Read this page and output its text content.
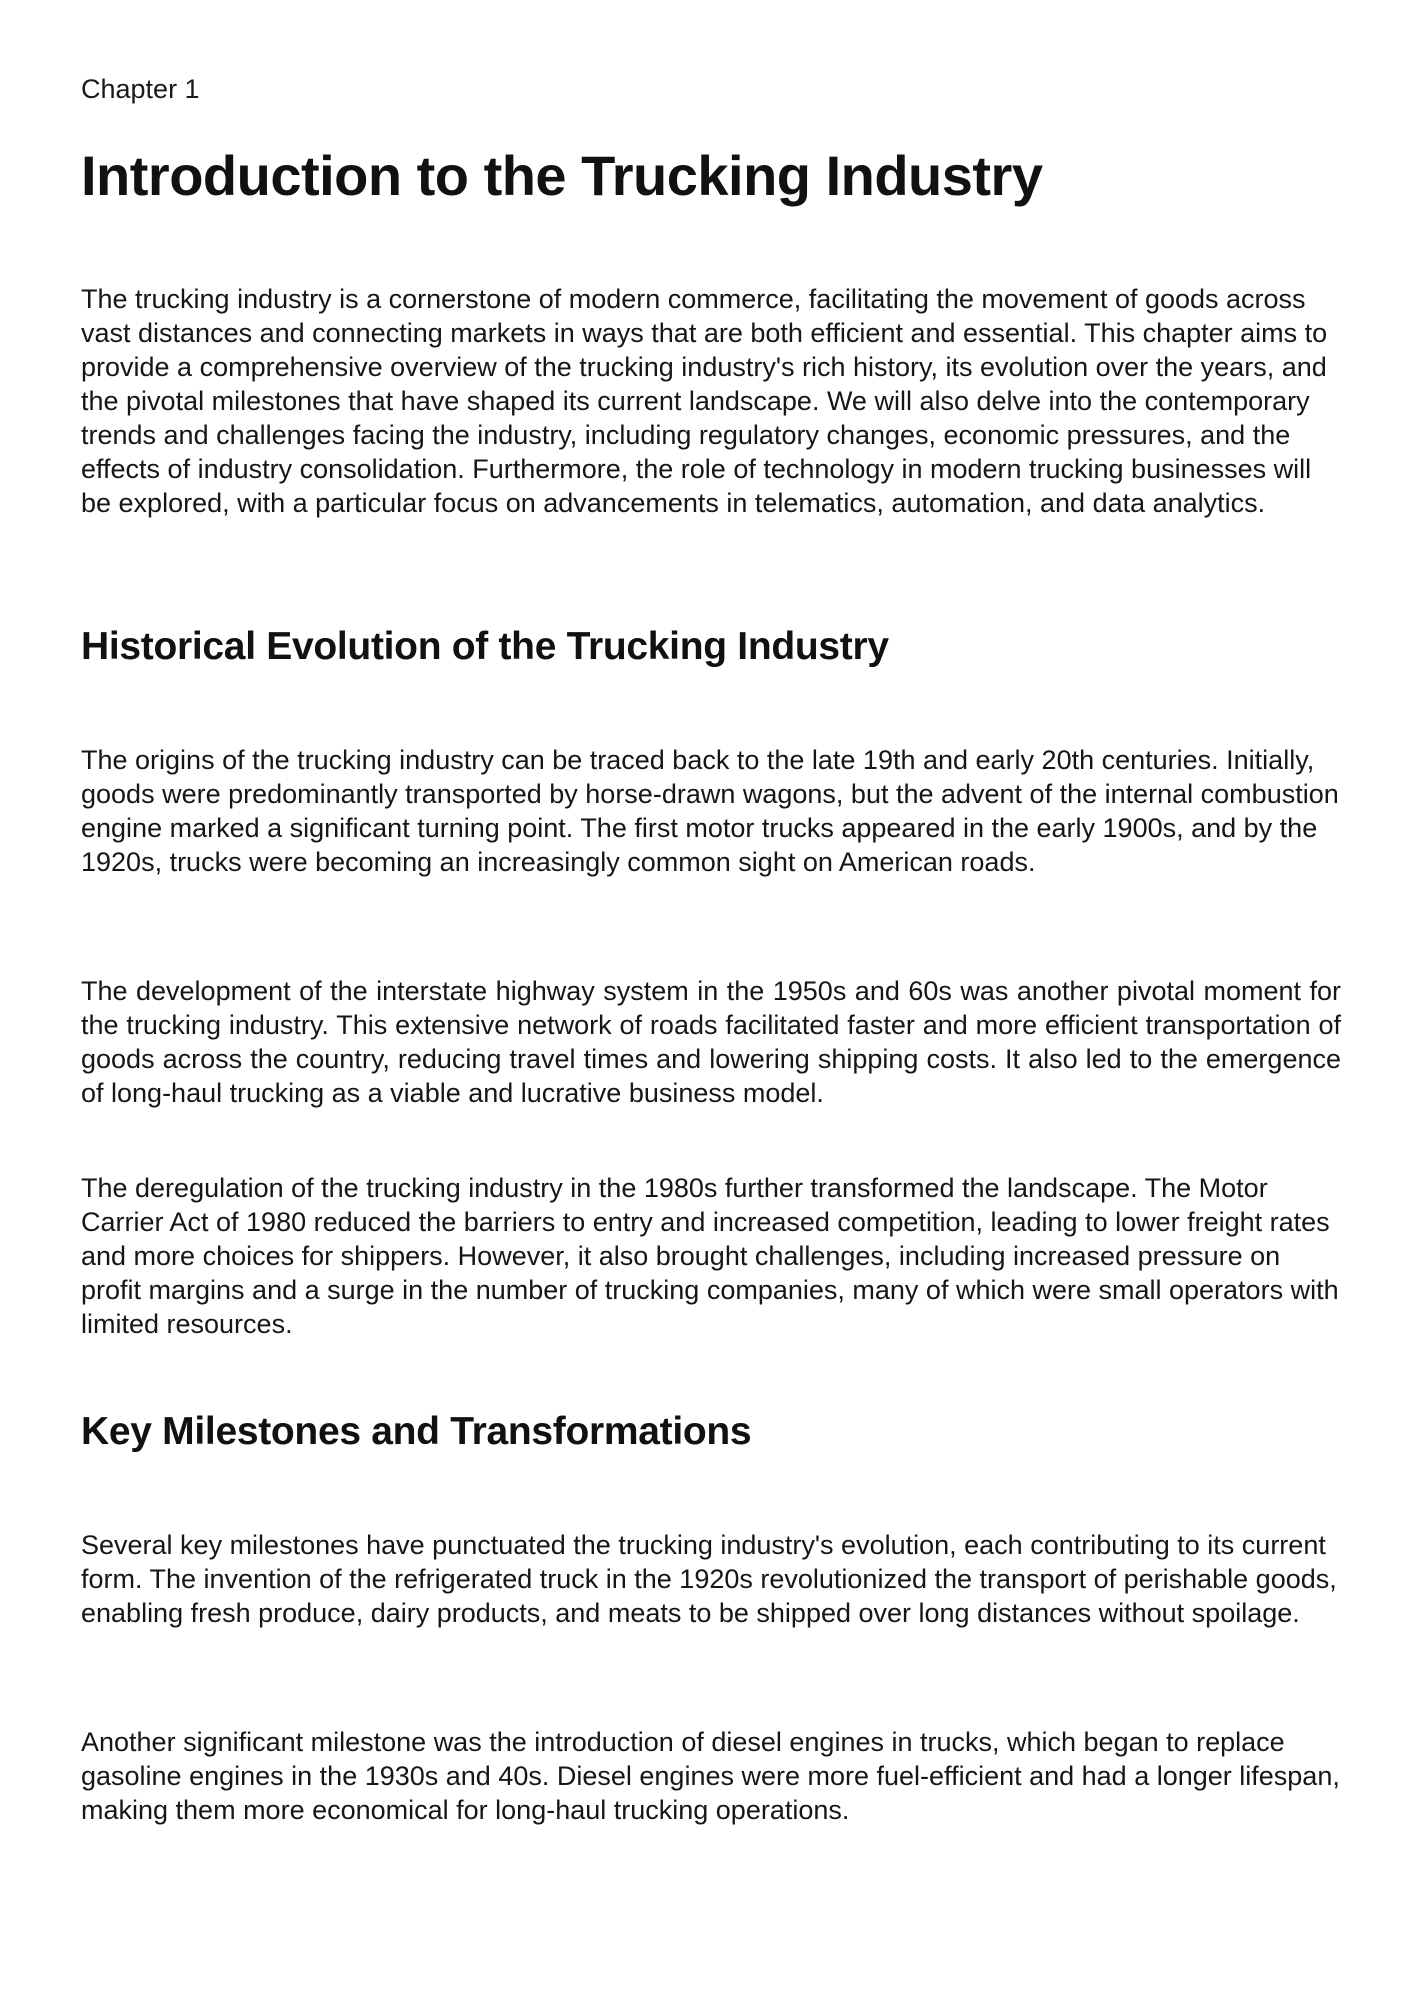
Chapter 1

Introduction to the Trucking Industry

The trucking industry is a cornerstone of modern commerce, facilitating the movement of goods across vast distances and connecting markets in ways that are both efficient and essential. This chapter aims to provide a comprehensive overview of the trucking industry's rich history, its evolution over the years, and the pivotal milestones that have shaped its current landscape. We will also delve into the contemporary trends and challenges facing the industry, including regulatory changes, economic pressures, and the effects of industry consolidation. Furthermore, the role of technology in modern trucking businesses will be explored, with a particular focus on advancements in telematics, automation, and data analytics.

Historical Evolution of the Trucking Industry

The origins of the trucking industry can be traced back to the late 19th and early 20th centuries. Initially, goods were predominantly transported by horse-drawn wagons, but the advent of the internal combustion engine marked a significant turning point. The first motor trucks appeared in the early 1900s, and by the 1920s, trucks were becoming an increasingly common sight on American roads.

The development of the interstate highway system in the 1950s and 60s was another pivotal moment for the trucking industry. This extensive network of roads facilitated faster and more efficient transportation of goods across the country, reducing travel times and lowering shipping costs. It also led to the emergence of long-haul trucking as a viable and lucrative business model.

The deregulation of the trucking industry in the 1980s further transformed the landscape. The Motor Carrier Act of 1980 reduced the barriers to entry and increased competition, leading to lower freight rates and more choices for shippers. However, it also brought challenges, including increased pressure on profit margins and a surge in the number of trucking companies, many of which were small operators with limited resources.

Key Milestones and Transformations

Several key milestones have punctuated the trucking industry's evolution, each contributing to its current form. The invention of the refrigerated truck in the 1920s revolutionized the transport of perishable goods, enabling fresh produce, dairy products, and meats to be shipped over long distances without spoilage.

Another significant milestone was the introduction of diesel engines in trucks, which began to replace gasoline engines in the 1930s and 40s. Diesel engines were more fuel-efficient and had a longer lifespan, making them more economical for long-haul trucking operations.
